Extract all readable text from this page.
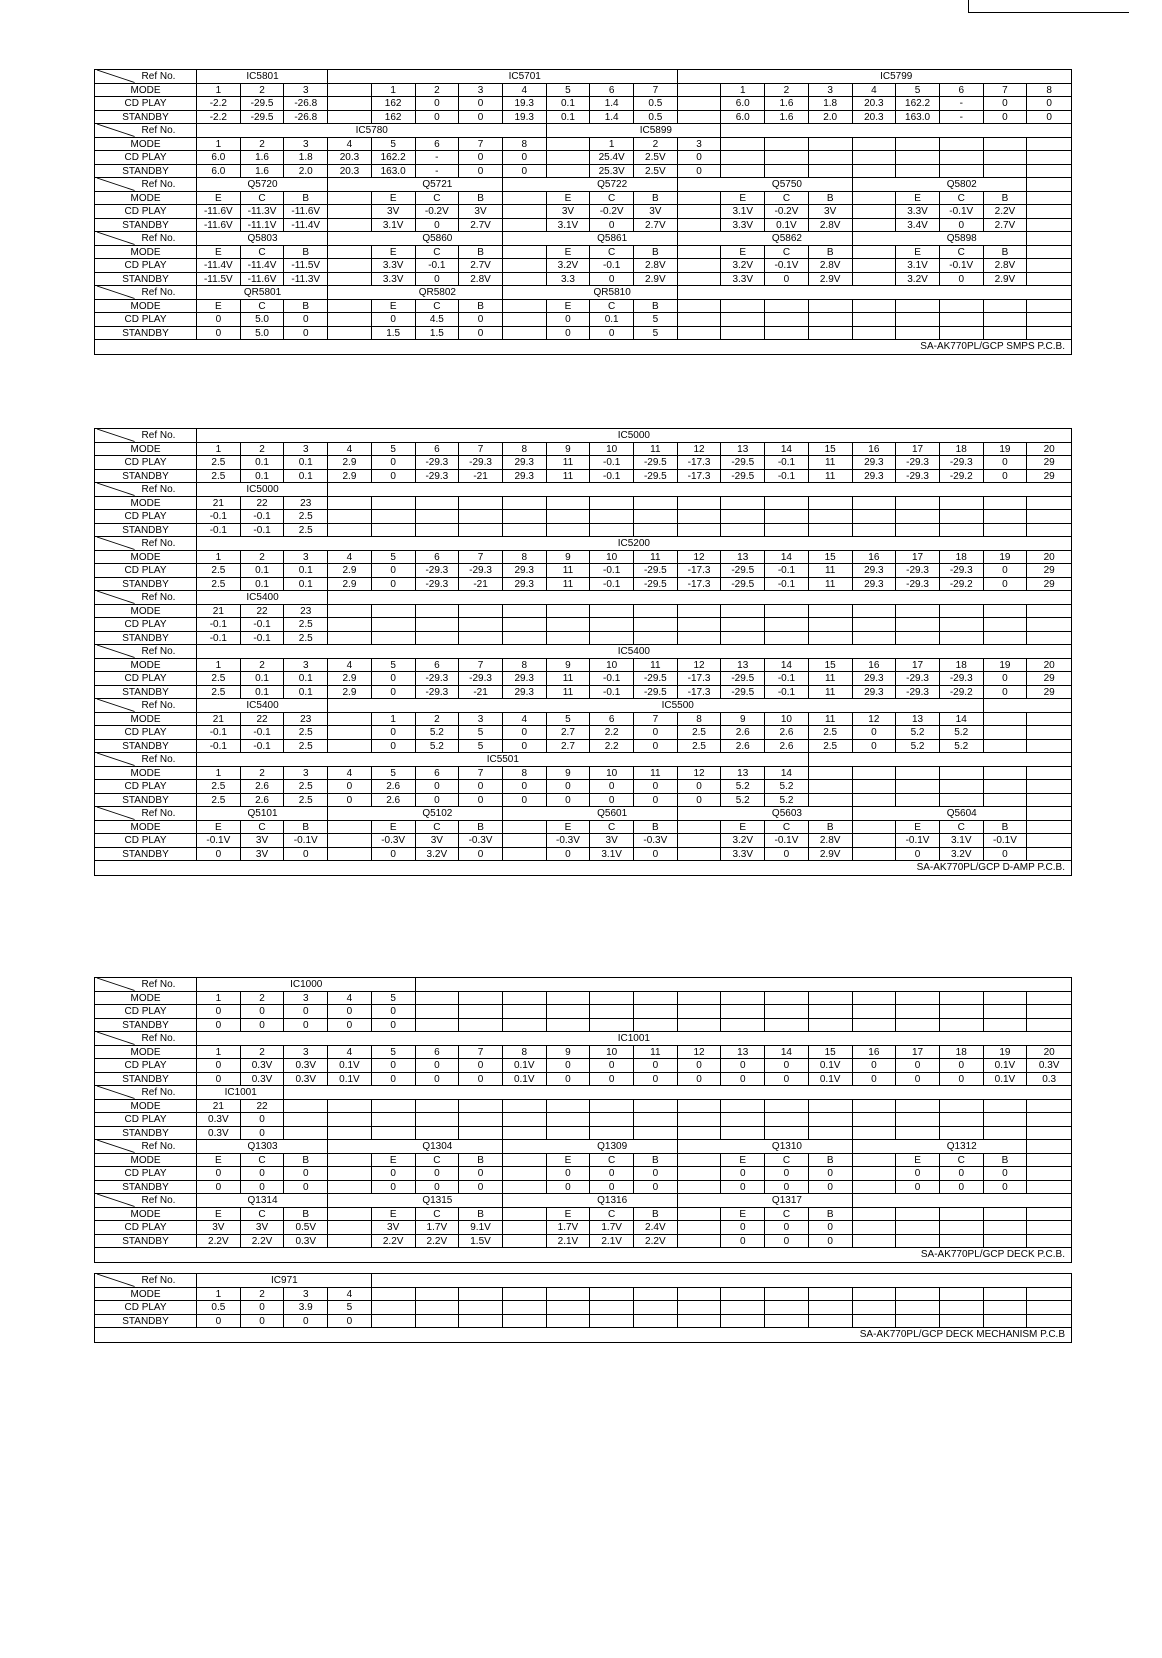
Ref No.	IC5801	IC5701	IC5799
MODE	1	2	3	1	2	3	4	5	6	7	1	2	3	4	5	6	7	8
CD PLAY	-2.2	-29.5	-26.8	162	0	0	19.3	0.1	1.4	0.5	6.0	1.6	1.8	20.3	162.2	-	0	0
STANDBY	-2.2	-29.5	-26.8	162	0	0	19.3	0.1	1.4	0.5	6.0	1.6	2.0	20.3	163.0	-	0	0
Ref No.	IC5780	IC5899
MODE	1	2	3	4	5	6	7	8	1	2	3
CD PLAY	6.0	1.6	1.8	20.3	162.2	-	0	0	25.4V	2.5V	0
STANDBY	6.0	1.6	2.0	20.3	163.0	-	0	0	25.3V	2.5V	0
Ref No.	Q5720	Q5721	Q5722	Q5750	Q5802
MODE	E	C	B	E	C	B	E	C	B	E	C	B	E	C	B
CD PLAY	-11.6V	-11.3V	-11.6V	3V	-0.2V	3V	3V	-0.2V	3V	3.1V	-0.2V	3V	3.3V	-0.1V	2.2V
STANDBY	-11.6V	-11.1V	-11.4V	3.1V	0	2.7V	3.1V	0	2.7V	3.3V	0.1V	2.8V	3.4V	0	2.7V
Ref No.	Q5803	Q5860	Q5861	Q5862	Q5898
MODE	E	C	B	E	C	B	E	C	B	E	C	B	E	C	B
CD PLAY	-11.4V	-11.4V	-11.5V	3.3V	-0.1	2.7V	3.2V	-0.1	2.8V	3.2V	-0.1V	2.8V	3.1V	-0.1V	2.8V
STANDBY	-11.5V	-11.6V	-11.3V	3.3V	0	2.8V	3.3	0	2.9V	3.3V	0	2.9V	3.2V	0	2.9V
Ref No.	QR5801	QR5802	QR5810
MODE	E	C	B	E	C	B	E	C	B
CD PLAY	0	5.0	0	0	4.5	0	0	0.1	5
STANDBY	0	5.0	0	1.5	1.5	0	0	0	5
SA-AK770PL/GCP SMPS P.C.B.
Ref No.	IC5000
MODE	1	2	3	4	5	6	7	8	9	10	11	12	13	14	15	16	17	18	19	20
CD PLAY	2.5	0.1	0.1	2.9	0	-29.3	-29.3	29.3	11	-0.1	-29.5	-17.3	-29.5	-0.1	11	29.3	-29.3	-29.3	0	29
STANDBY	2.5	0.1	0.1	2.9	0	-29.3	-21	29.3	11	-0.1	-29.5	-17.3	-29.5	-0.1	11	29.3	-29.3	-29.2	0	29
Ref No.	IC5000
MODE	21	22	23
CD PLAY	-0.1	-0.1	2.5
STANDBY	-0.1	-0.1	2.5
Ref No.	IC5200
MODE	1	2	3	4	5	6	7	8	9	10	11	12	13	14	15	16	17	18	19	20
CD PLAY	2.5	0.1	0.1	2.9	0	-29.3	-29.3	29.3	11	-0.1	-29.5	-17.3	-29.5	-0.1	11	29.3	-29.3	-29.3	0	29
STANDBY	2.5	0.1	0.1	2.9	0	-29.3	-21	29.3	11	-0.1	-29.5	-17.3	-29.5	-0.1	11	29.3	-29.3	-29.2	0	29
Ref No.	IC5400
MODE	21	22	23
CD PLAY	-0.1	-0.1	2.5
STANDBY	-0.1	-0.1	2.5
Ref No.	IC5400
MODE	1	2	3	4	5	6	7	8	9	10	11	12	13	14	15	16	17	18	19	20
CD PLAY	2.5	0.1	0.1	2.9	0	-29.3	-29.3	29.3	11	-0.1	-29.5	-17.3	-29.5	-0.1	11	29.3	-29.3	-29.3	0	29
STANDBY	2.5	0.1	0.1	2.9	0	-29.3	-21	29.3	11	-0.1	-29.5	-17.3	-29.5	-0.1	11	29.3	-29.3	-29.2	0	29
Ref No.	IC5400	IC5500
MODE	21	22	23	1	2	3	4	5	6	7	8	9	10	11	12	13	14
CD PLAY	-0.1	-0.1	2.5	0	5.2	5	0	2.7	2.2	0	2.5	2.6	2.6	2.5	0	5.2	5.2
STANDBY	-0.1	-0.1	2.5	0	5.2	5	0	2.7	2.2	0	2.5	2.6	2.6	2.5	0	5.2	5.2
Ref No.	IC5501
MODE	1	2	3	4	5	6	7	8	9	10	11	12	13	14
CD PLAY	2.5	2.6	2.5	0	2.6	0	0	0	0	0	0	0	5.2	5.2
STANDBY	2.5	2.6	2.5	0	2.6	0	0	0	0	0	0	0	5.2	5.2
Ref No.	Q5101	Q5102	Q5601	Q5603	Q5604
MODE	E	C	B	E	C	B	E	C	B	E	C	B	E	C	B
CD PLAY	-0.1V	3V	-0.1V	-0.3V	3V	-0.3V	-0.3V	3V	-0.3V	3.2V	-0.1V	2.8V	-0.1V	3.1V	-0.1V
STANDBY	0	3V	0	0	3.2V	0	0	3.1V	0	3.3V	0	2.9V	0	3.2V	0
SA-AK770PL/GCP D-AMP P.C.B.
Ref No.	IC1000
MODE	1	2	3	4	5
CD PLAY	0	0	0	0	0
STANDBY	0	0	0	0	0
Ref No.	IC1001
MODE	1	2	3	4	5	6	7	8	9	10	11	12	13	14	15	16	17	18	19	20
CD PLAY	0	0.3V	0.3V	0.1V	0	0	0	0.1V	0	0	0	0	0	0	0.1V	0	0	0	0.1V	0.3V
STANDBY	0	0.3V	0.3V	0.1V	0	0	0	0.1V	0	0	0	0	0	0	0.1V	0	0	0	0.1V	0.3
Ref No.	IC1001
MODE	21	22
CD PLAY	0.3V	0
STANDBY	0.3V	0
Ref No.	Q1303	Q1304	Q1309	Q1310	Q1312
MODE	E	C	B	E	C	B	E	C	B	E	C	B	E	C	B
CD PLAY	0	0	0	0	0	0	0	0	0	0	0	0	0	0	0
STANDBY	0	0	0	0	0	0	0	0	0	0	0	0	0	0	0
Ref No.	Q1314	Q1315	Q1316	Q1317
MODE	E	C	B	E	C	B	E	C	B	E	C	B
CD PLAY	3V	3V	0.5V	3V	1.7V	9.1V	1.7V	1.7V	2.4V	0	0	0
STANDBY	2.2V	2.2V	0.3V	2.2V	2.2V	1.5V	2.1V	2.1V	2.2V	0	0	0
SA-AK770PL/GCP DECK P.C.B.
Ref No.	IC971
MODE	1	2	3	4
CD PLAY	0.5	0	3.9	5
STANDBY	0	0	0	0
SA-AK770PL/GCP DECK MECHANISM P.C.B
